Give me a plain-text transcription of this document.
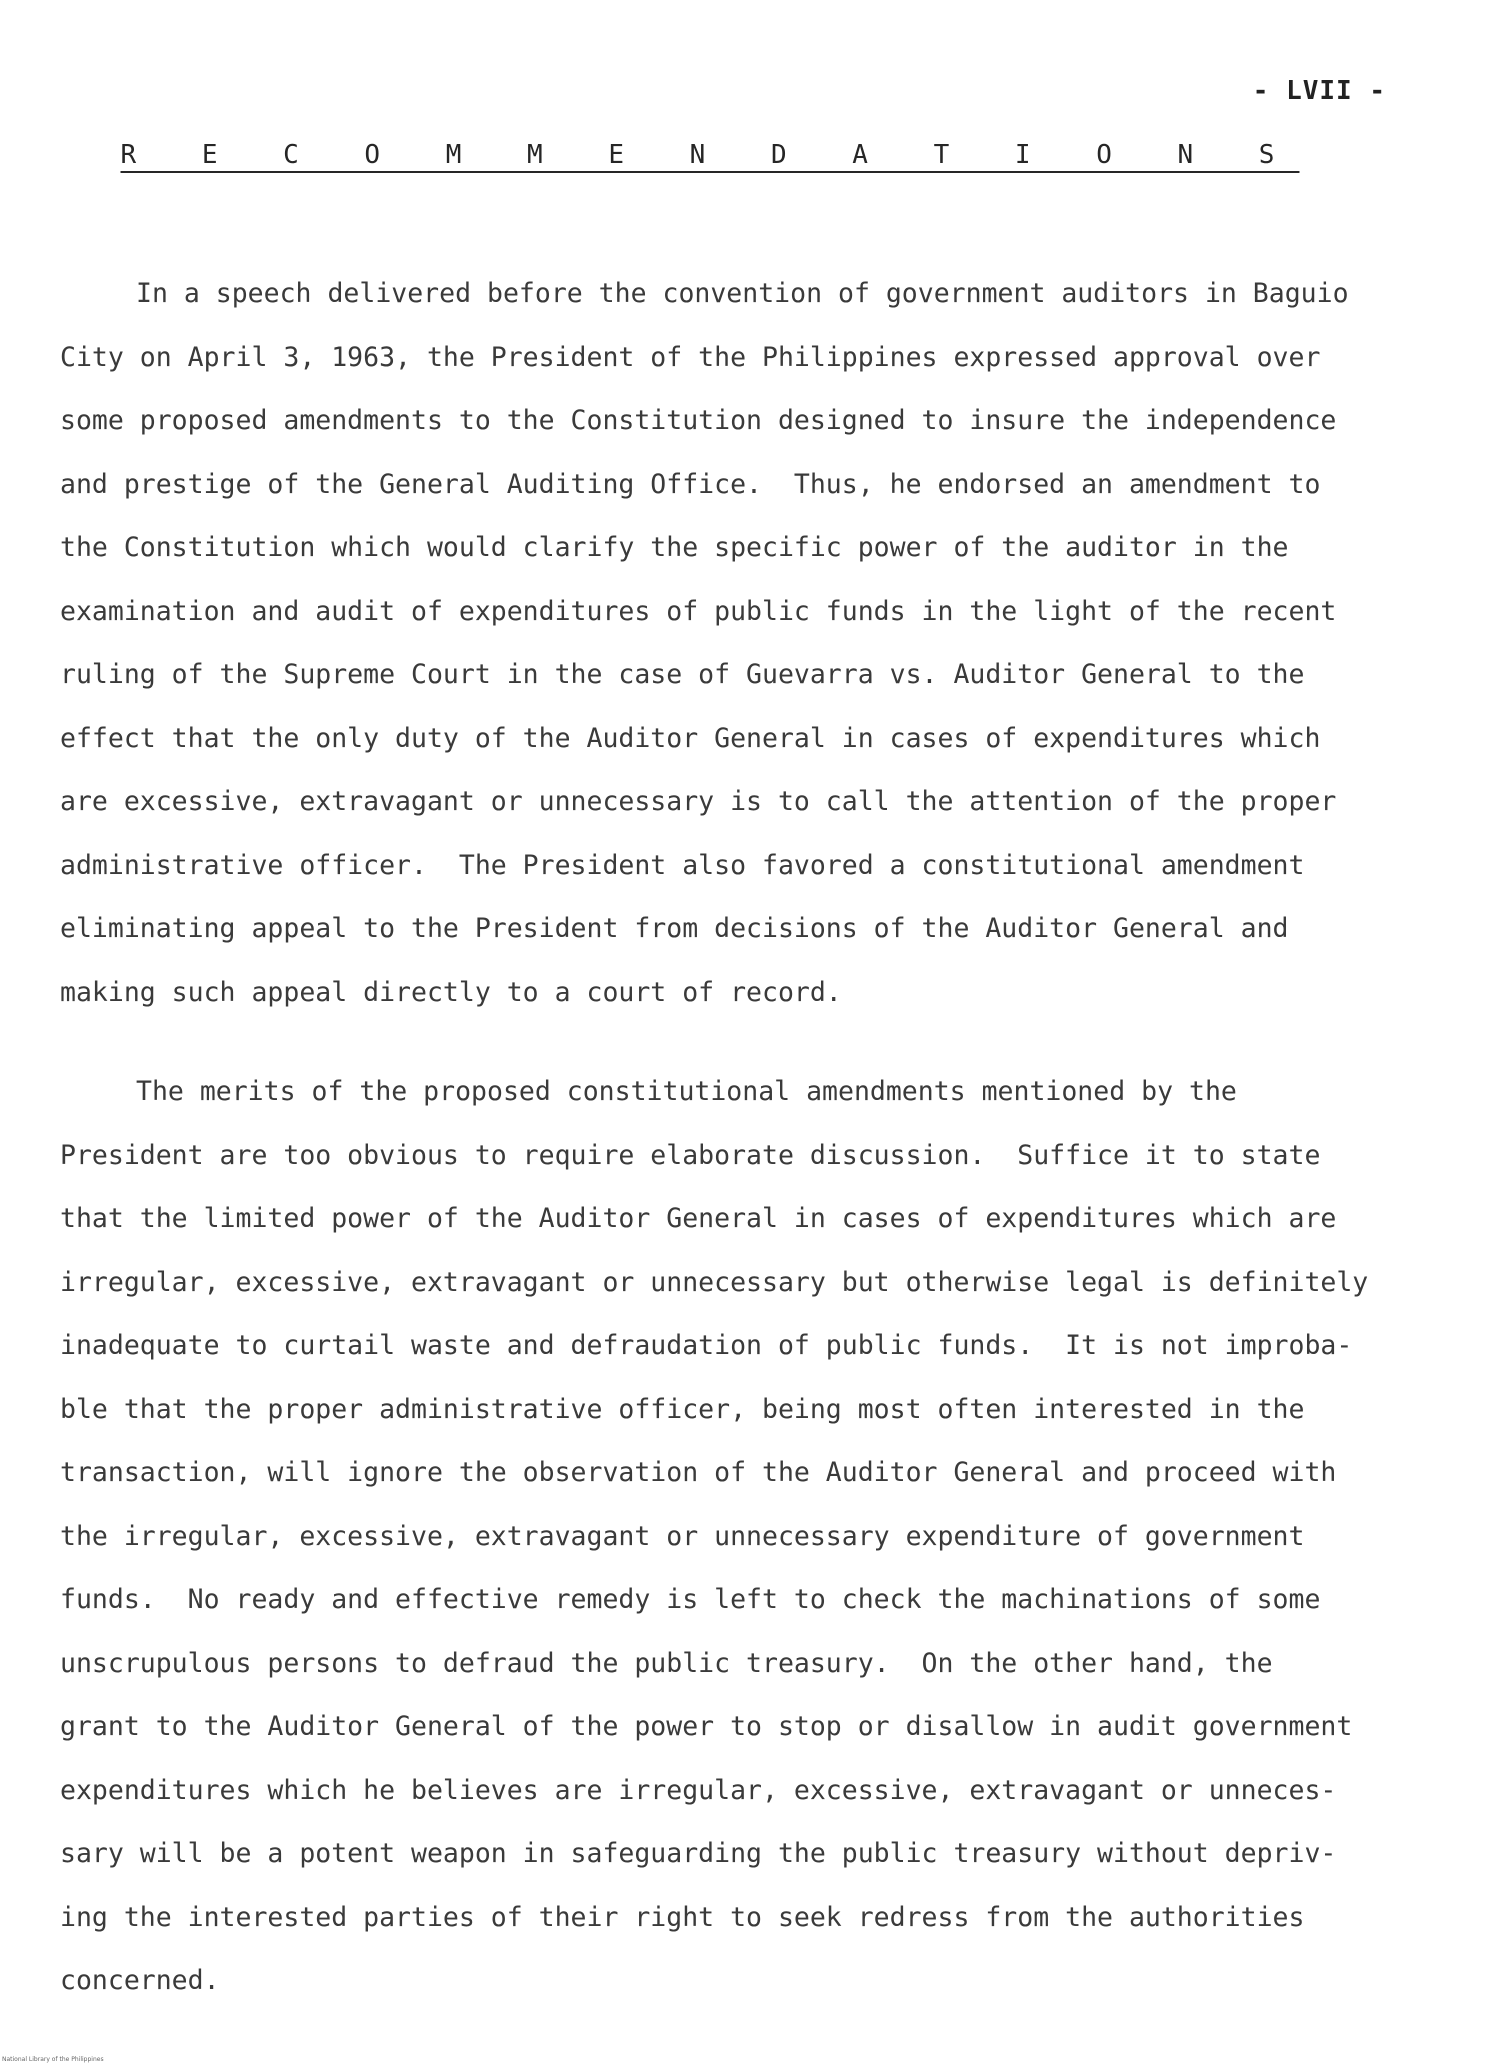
- LVII -
R E C O M M E N D A T I O N S
In a speech delivered before the convention of government auditors in Baguio
City on April 3, 1963, the President of the Philippines expressed approval over
some proposed amendments to the Constitution designed to insure the independence
and prestige of the General Auditing Office.  Thus, he endorsed an amendment to
the Constitution which would clarify the specific power of the auditor in the
examination and audit of expenditures of public funds in the light of the recent
ruling of the Supreme Court in the case of Guevarra vs. Auditor General to the
effect that the only duty of the Auditor General in cases of expenditures which
are excessive, extravagant or unnecessary is to call the attention of the proper
administrative officer.  The President also favored a constitutional amendment
eliminating appeal to the President from decisions of the Auditor General and
making such appeal directly to a court of record.
The merits of the proposed constitutional amendments mentioned by the
President are too obvious to require elaborate discussion.  Suffice it to state
that the limited power of the Auditor General in cases of expenditures which are
irregular, excessive, extravagant or unnecessary but otherwise legal is definitely
inadequate to curtail waste and defraudation of public funds.  It is not improba-
ble that the proper administrative officer, being most often interested in the
transaction, will ignore the observation of the Auditor General and proceed with
the irregular, excessive, extravagant or unnecessary expenditure of government
funds.  No ready and effective remedy is left to check the machinations of some
unscrupulous persons to defraud the public treasury.  On the other hand, the
grant to the Auditor General of the power to stop or disallow in audit government
expenditures which he believes are irregular, excessive, extravagant or unneces-
sary will be a potent weapon in safeguarding the public treasury without depriv-
ing the interested parties of their right to seek redress from the authorities
concerned.
National Library of the Philippines
